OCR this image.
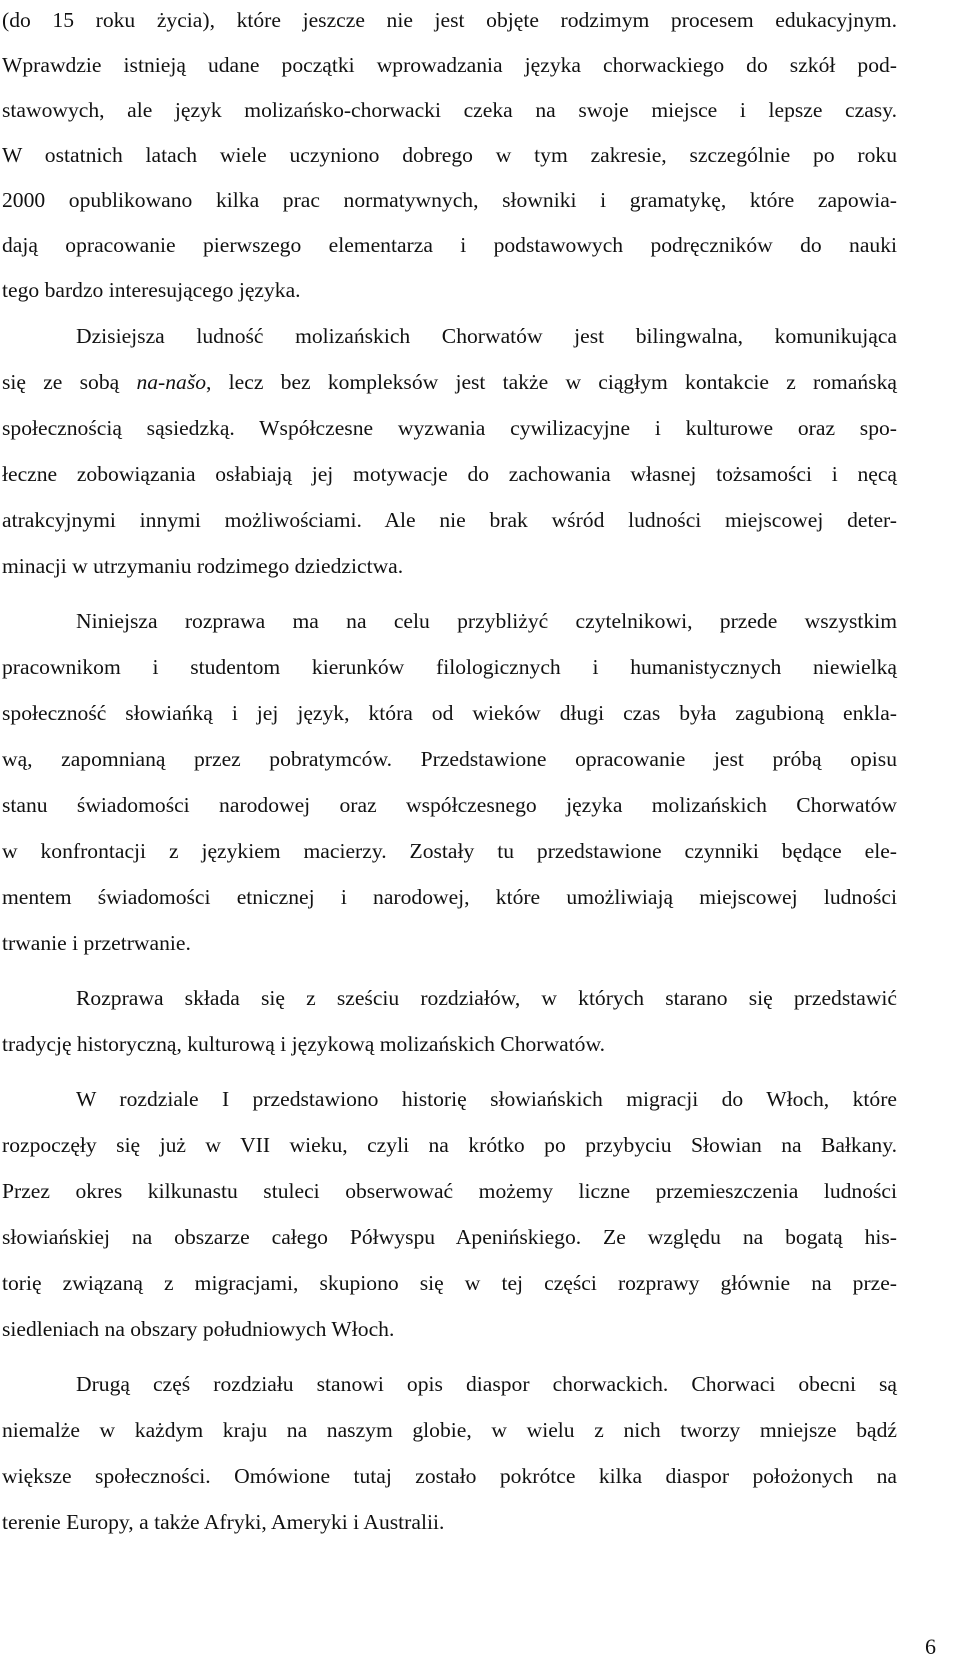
(do 15 roku życia), które jeszcze nie jest objęte rodzimym procesem edukacyjnym.
Wprawdzie istnieją udane początki wprowadzania języka chorwackiego do szkół pod-
stawowych, ale język molizańsko-chorwacki czeka na swoje miejsce i lepsze czasy.
W ostatnich latach wiele uczyniono dobrego w tym zakresie, szczególnie po roku
2000 opublikowano kilka prac normatywnych, słowniki i gramatykę, które zapowia-
dają opracowanie pierwszego elementarza i podstawowych podręczników do nauki
tego bardzo interesującego języka.
Dzisiejsza ludność molizańskich Chorwatów jest bilingwalna, komunikująca
się ze sobą na-našo, lecz bez kompleksów jest także w ciągłym kontakcie z romańską
społecznością sąsiedzką. Współczesne wyzwania cywilizacyjne i kulturowe oraz spo-
łeczne zobowiązania osłabiają jej motywacje do zachowania własnej tożsamości i nęcą
atrakcyjnymi innymi możliwościami. Ale nie brak wśród ludności miejscowej deter-
minacji w utrzymaniu rodzimego dziedzictwa.
Niniejsza rozprawa ma na celu przybliżyć czytelnikowi, przede wszystkim
pracownikom i studentom kierunków filologicznych i humanistycznych niewielką
społeczność słowiańką i jej język, która od wieków długi czas była zagubioną enkla-
wą, zapomnianą przez pobratymców. Przedstawione opracowanie jest próbą opisu
stanu świadomości narodowej oraz współczesnego języka molizańskich Chorwatów
w konfrontacji z językiem macierzy. Zostały tu przedstawione czynniki będące ele-
mentem świadomości etnicznej i narodowej, które umożliwiają miejscowej ludności
trwanie i przetrwanie.
Rozprawa składa się z sześciu rozdziałów, w których starano się przedstawić
tradycję historyczną, kulturową i językową molizańskich Chorwatów.
W rozdziale I przedstawiono historię słowiańskich migracji do Włoch, które
rozpoczęły się już w VII wieku, czyli na krótko po przybyciu Słowian na Bałkany.
Przez okres kilkunastu stuleci obserwować możemy liczne przemieszczenia ludności
słowiańskiej na obszarze całego Półwyspu Apenińskiego. Ze względu na bogatą his-
torię związaną z migracjami, skupiono się w tej części rozprawy głównie na prze-
siedleniach na obszary południowych Włoch.
Drugą częś rozdziału stanowi opis diaspor chorwackich. Chorwaci obecni są
niemalże w każdym kraju na naszym globie, w wielu z nich tworzy mniejsze bądź
większe społeczności. Omówione tutaj zostało pokrótce kilka diaspor położonych na
terenie Europy, a także Afryki, Ameryki i Australii.
6
